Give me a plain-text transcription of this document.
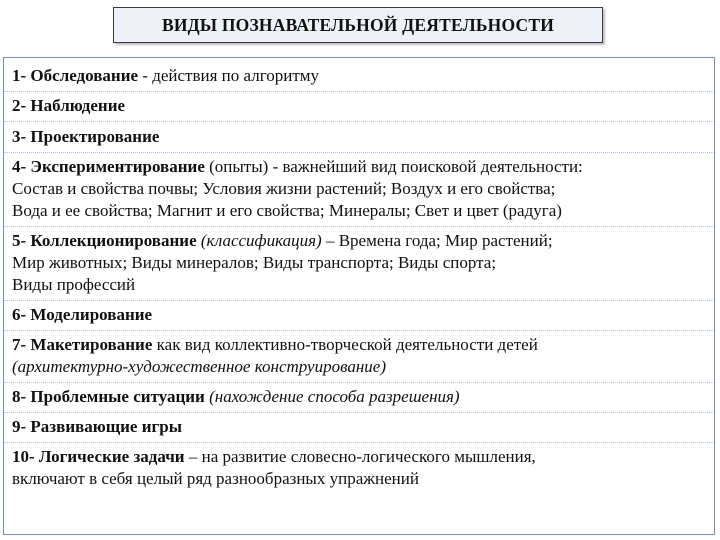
ВИДЫ ПОЗНАВАТЕЛЬНОЙ ДЕЯТЕЛЬНОСТИ
1- Обследование - действия по алгоритму
2- Наблюдение
3- Проектирование
4- Экспериментирование (опыты) - важнейший вид поисковой деятельности:
Состав и свойства почвы; Условия жизни растений; Воздух и его свойства;
Вода и ее свойства; Магнит и его свойства; Минералы; Свет и цвет (радуга)
5- Коллекционирование (классификация) – Времена года; Мир растений;
Мир животных; Виды минералов; Виды транспорта; Виды спорта;
Виды профессий
6- Моделирование
7- Макетирование как вид коллективно-творческой деятельности детей
(архитектурно-художественное конструирование)
8- Проблемные ситуации (нахождение способа разрешения)
9- Развивающие игры
10- Логические задачи – на развитие словесно-логического мышления,
включают в себя целый ряд разнообразных упражнений
